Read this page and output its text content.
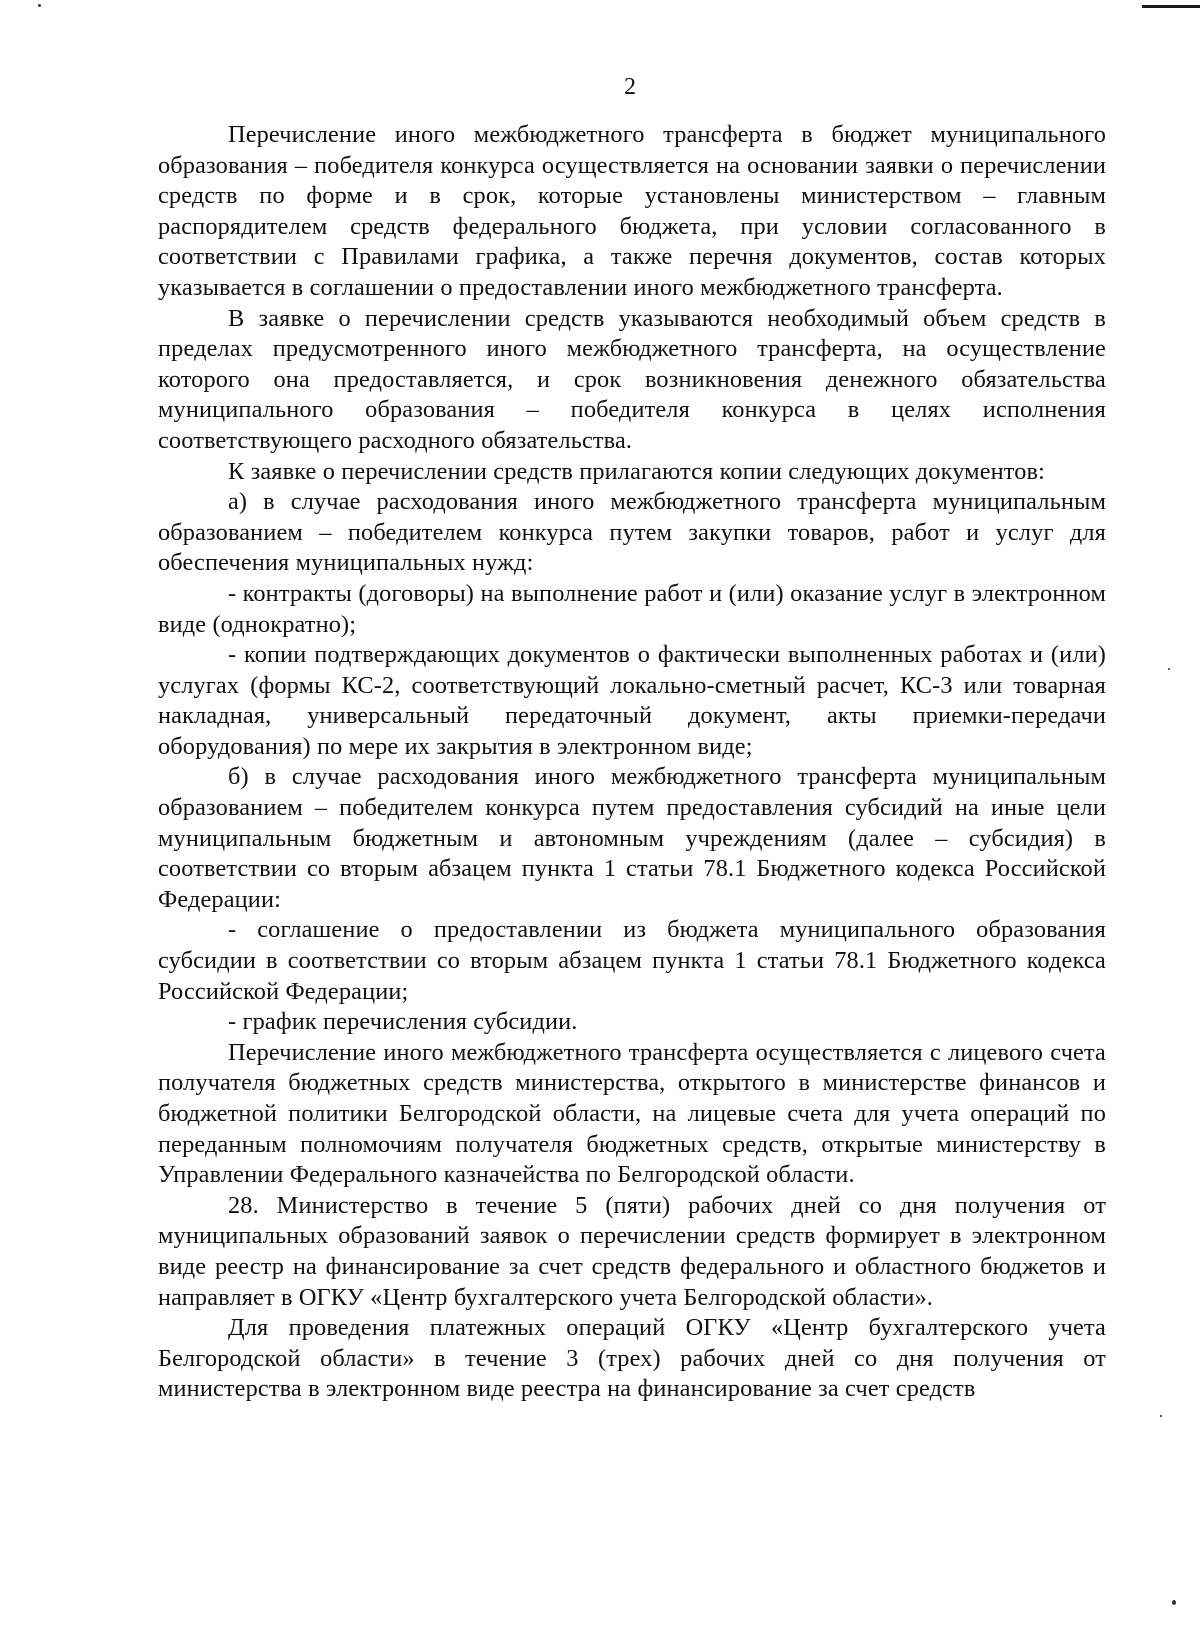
2

Перечисление иного межбюджетного трансферта в бюджет муниципального образования – победителя конкурса осуществляется на основании заявки о перечислении средств по форме и в срок, которые установлены министерством – главным распорядителем средств федерального бюджета, при условии согласованного в соответствии с Правилами графика, а также перечня документов, состав которых указывается в соглашении о предоставлении иного межбюджетного трансферта.

В заявке о перечислении средств указываются необходимый объем средств в пределах предусмотренного иного межбюджетного трансферта, на осуществление которого она предоставляется, и срок возникновения денежного обязательства муниципального образования – победителя конкурса в целях исполнения соответствующего расходного обязательства.

К заявке о перечислении средств прилагаются копии следующих документов:

а) в случае расходования иного межбюджетного трансферта муниципальным образованием – победителем конкурса путем закупки товаров, работ и услуг для обеспечения муниципальных нужд:

- контракты (договоры) на выполнение работ и (или) оказание услуг в электронном виде (однократно);

- копии подтверждающих документов о фактически выполненных работах и (или) услугах (формы КС-2, соответствующий локально-сметный расчет, КС-3 или товарная накладная, универсальный передаточный документ, акты приемки-передачи оборудования) по мере их закрытия в электронном виде;

б) в случае расходования иного межбюджетного трансферта муниципальным образованием – победителем конкурса путем предоставления субсидий на иные цели муниципальным бюджетным и автономным учреждениям (далее – субсидия) в соответствии со вторым абзацем пункта 1 статьи 78.1 Бюджетного кодекса Российской Федерации:

- соглашение о предоставлении из бюджета муниципального образования субсидии в соответствии со вторым абзацем пункта 1 статьи 78.1 Бюджетного кодекса Российской Федерации;

- график перечисления субсидии.

Перечисление иного межбюджетного трансферта осуществляется с лицевого счета получателя бюджетных средств министерства, открытого в министерстве финансов и бюджетной политики Белгородской области, на лицевые счета для учета операций по переданным полномочиям получателя бюджетных средств, открытые министерству в Управлении Федерального казначейства по Белгородской области.

28. Министерство в течение 5 (пяти) рабочих дней со дня получения от муниципальных образований заявок о перечислении средств формирует в электронном виде реестр на финансирование за счет средств федерального и областного бюджетов и направляет в ОГКУ «Центр бухгалтерского учета Белгородской области».

Для проведения платежных операций ОГКУ «Центр бухгалтерского учета Белгородской области» в течение 3 (трех) рабочих дней со дня получения от министерства в электронном виде реестра на финансирование за счет средств
